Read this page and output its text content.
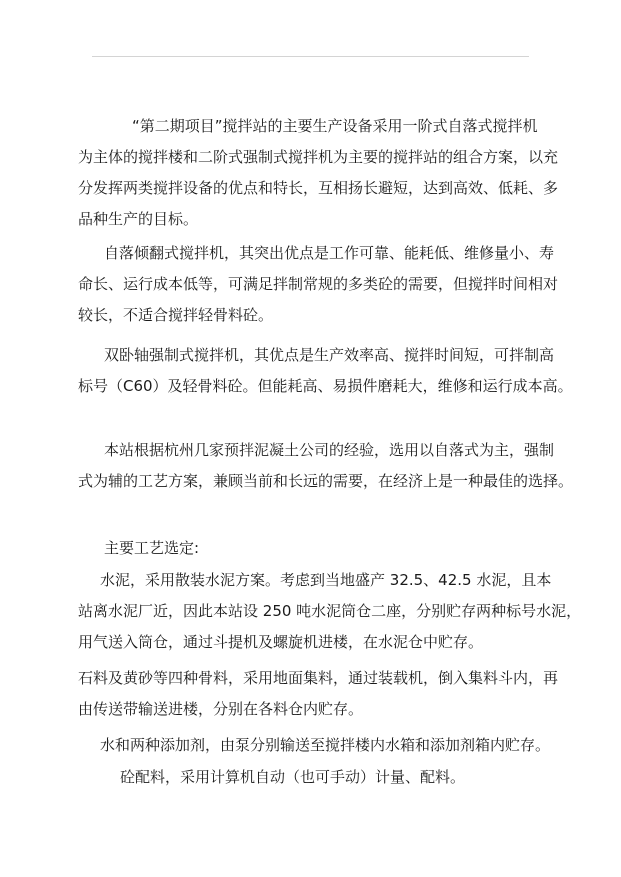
“第二期项目”搅拌站的主要生产设备采用一阶式自落式搅拌机
为主体的搅拌楼和二阶式强制式搅拌机为主要的搅拌站的组合方案，以充
分发挥两类搅拌设备的优点和特长，互相扬长避短，达到高效、低耗、多
品种生产的目标。
自落倾翻式搅拌机，其突出优点是工作可靠、能耗低、维修量小、寿
命长、运行成本低等，可满足拌制常规的多类砼的需要，但搅拌时间相对
较长，不适合搅拌轻骨料砼。
双卧轴强制式搅拌机，其优点是生产效率高、搅拌时间短，可拌制高
标号（C60）及轻骨料砼。但能耗高、易损件磨耗大，维修和运行成本高。
本站根据杭州几家预拌泥凝土公司的经验，选用以自落式为主，强制
式为辅的工艺方案，兼顾当前和长远的需要，在经济上是一种最佳的选择。
主要工艺选定:
水泥，采用散装水泥方案。考虑到当地盛产 32.5、42.5 水泥，且本
站离水泥厂近，因此本站设 250 吨水泥筒仓二座，分别贮存两种标号水泥，
用气送入筒仓，通过斗提机及螺旋机进楼，在水泥仓中贮存。
石料及黄砂等四种骨料，采用地面集料，通过装载机，倒入集料斗内，再
由传送带输送进楼，分别在各料仓内贮存。
水和两种添加剂，由泵分别输送至搅拌楼内水箱和添加剂箱内贮存。
砼配料，采用计算机自动（也可手动）计量、配料。
